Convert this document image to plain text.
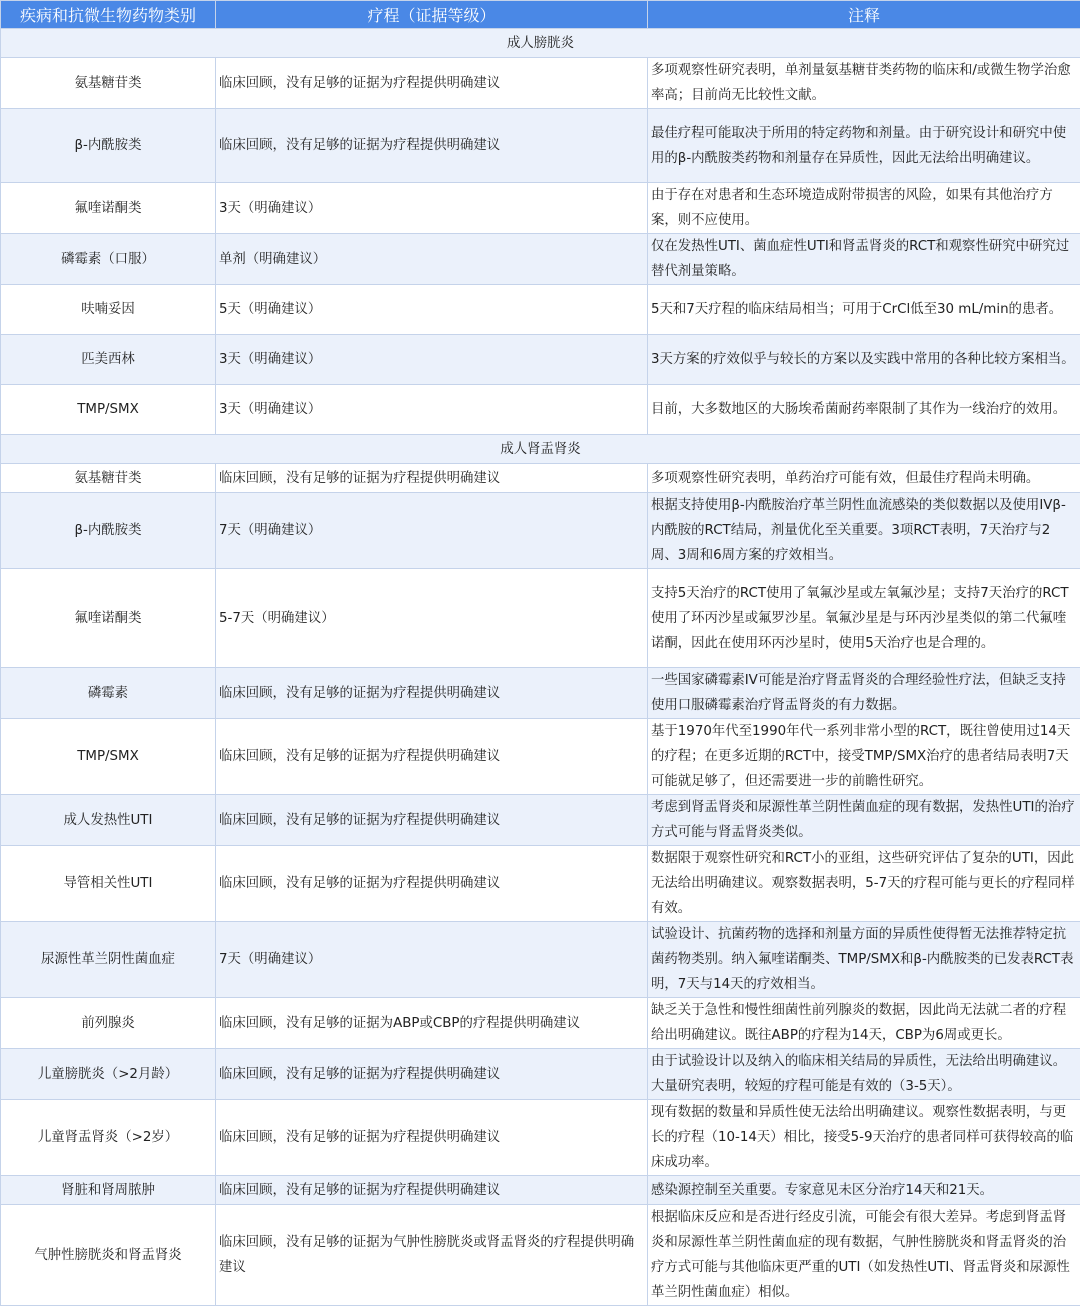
疾病和抗微生物药物类别	疗程（证据等级）	注释
成人膀胱炎		
氨基糖苷类	临床回顾，没有足够的证据为疗程提供明确建议	多项观察性研究表明，单剂量氨基糖苷类药物的临床和/或微生物学治愈率高；目前尚无比较性文献。
β-内酰胺类	临床回顾，没有足够的证据为疗程提供明确建议	最佳疗程可能取决于所用的特定药物和剂量。由于研究设计和研究中使用的β-内酰胺类药物和剂量存在异质性，因此无法给出明确建议。
氟喹诺酮类	3天（明确建议）	由于存在对患者和生态环境造成附带损害的风险，如果有其他治疗方案，则不应使用。
磷霉素（口服）	单剂（明确建议）	仅在发热性UTI、菌血症性UTI和肾盂肾炎的RCT和观察性研究中研究过替代剂量策略。
呋喃妥因	5天（明确建议）	5天和7天疗程的临床结局相当；可用于CrCl低至30 mL/min的患者。
匹美西林	3天（明确建议）	3天方案的疗效似乎与较长的方案以及实践中常用的各种比较方案相当。
TMP/SMX	3天（明确建议）	目前，大多数地区的大肠埃希菌耐药率限制了其作为一线治疗的效用。
成人肾盂肾炎		
氨基糖苷类	临床回顾，没有足够的证据为疗程提供明确建议	多项观察性研究表明，单药治疗可能有效，但最佳疗程尚未明确。
β-内酰胺类	7天（明确建议）	根据支持使用β-内酰胺治疗革兰阴性血流感染的类似数据以及使用IVβ-内酰胺的RCT结局，剂量优化至关重要。3项RCT表明，7天治疗与2周、3周和6周方案的疗效相当。
氟喹诺酮类	5-7天（明确建议）	支持5天治疗的RCT使用了氧氟沙星或左氧氟沙星；支持7天治疗的RCT使用了环丙沙星或氟罗沙星。氧氟沙星是与环丙沙星类似的第二代氟喹诺酮，因此在使用环丙沙星时，使用5天治疗也是合理的。
磷霉素	临床回顾，没有足够的证据为疗程提供明确建议	一些国家磷霉素IV可能是治疗肾盂肾炎的合理经验性疗法，但缺乏支持使用口服磷霉素治疗肾盂肾炎的有力数据。
TMP/SMX	临床回顾，没有足够的证据为疗程提供明确建议	基于1970年代至1990年代一系列非常小型的RCT，既往曾使用过14天的疗程；在更多近期的RCT中，接受TMP/SMX治疗的患者结局表明7天可能就足够了，但还需要进一步的前瞻性研究。
成人发热性UTI	临床回顾，没有足够的证据为疗程提供明确建议	考虑到肾盂肾炎和尿源性革兰阴性菌血症的现有数据，发热性UTI的治疗方式可能与肾盂肾炎类似。
导管相关性UTI	临床回顾，没有足够的证据为疗程提供明确建议	数据限于观察性研究和RCT小的亚组，这些研究评估了复杂的UTI，因此无法给出明确建议。观察数据表明，5-7天的疗程可能与更长的疗程同样有效。
尿源性革兰阴性菌血症	7天（明确建议）	试验设计、抗菌药物的选择和剂量方面的异质性使得暂无法推荐特定抗菌药物类别。纳入氟喹诺酮类、TMP/SMX和β-内酰胺类的已发表RCT表明，7天与14天的疗效相当。
前列腺炎	临床回顾，没有足够的证据为ABP或CBP的疗程提供明确建议	缺乏关于急性和慢性细菌性前列腺炎的数据，因此尚无法就二者的疗程给出明确建议。既往ABP的疗程为14天，CBP为6周或更长。
儿童膀胱炎（>2月龄）	临床回顾，没有足够的证据为疗程提供明确建议	由于试验设计以及纳入的临床相关结局的异质性，无法给出明确建议。大量研究表明，较短的疗程可能是有效的（3-5天）。
儿童肾盂肾炎（>2岁）	临床回顾，没有足够的证据为疗程提供明确建议	现有数据的数量和异质性使无法给出明确建议。观察性数据表明，与更长的疗程（10-14天）相比，接受5-9天治疗的患者同样可获得较高的临床成功率。
肾脏和肾周脓肿	临床回顾，没有足够的证据为疗程提供明确建议	感染源控制至关重要。专家意见未区分治疗14天和21天。
气肿性膀胱炎和肾盂肾炎	临床回顾，没有足够的证据为气肿性膀胱炎或肾盂肾炎的疗程提供明确建议	根据临床反应和是否进行经皮引流，可能会有很大差异。考虑到肾盂肾炎和尿源性革兰阴性菌血症的现有数据，气肿性膀胱炎和肾盂肾炎的治疗方式可能与其他临床更严重的UTI（如发热性UTI、肾盂肾炎和尿源性革兰阴性菌血症）相似。
